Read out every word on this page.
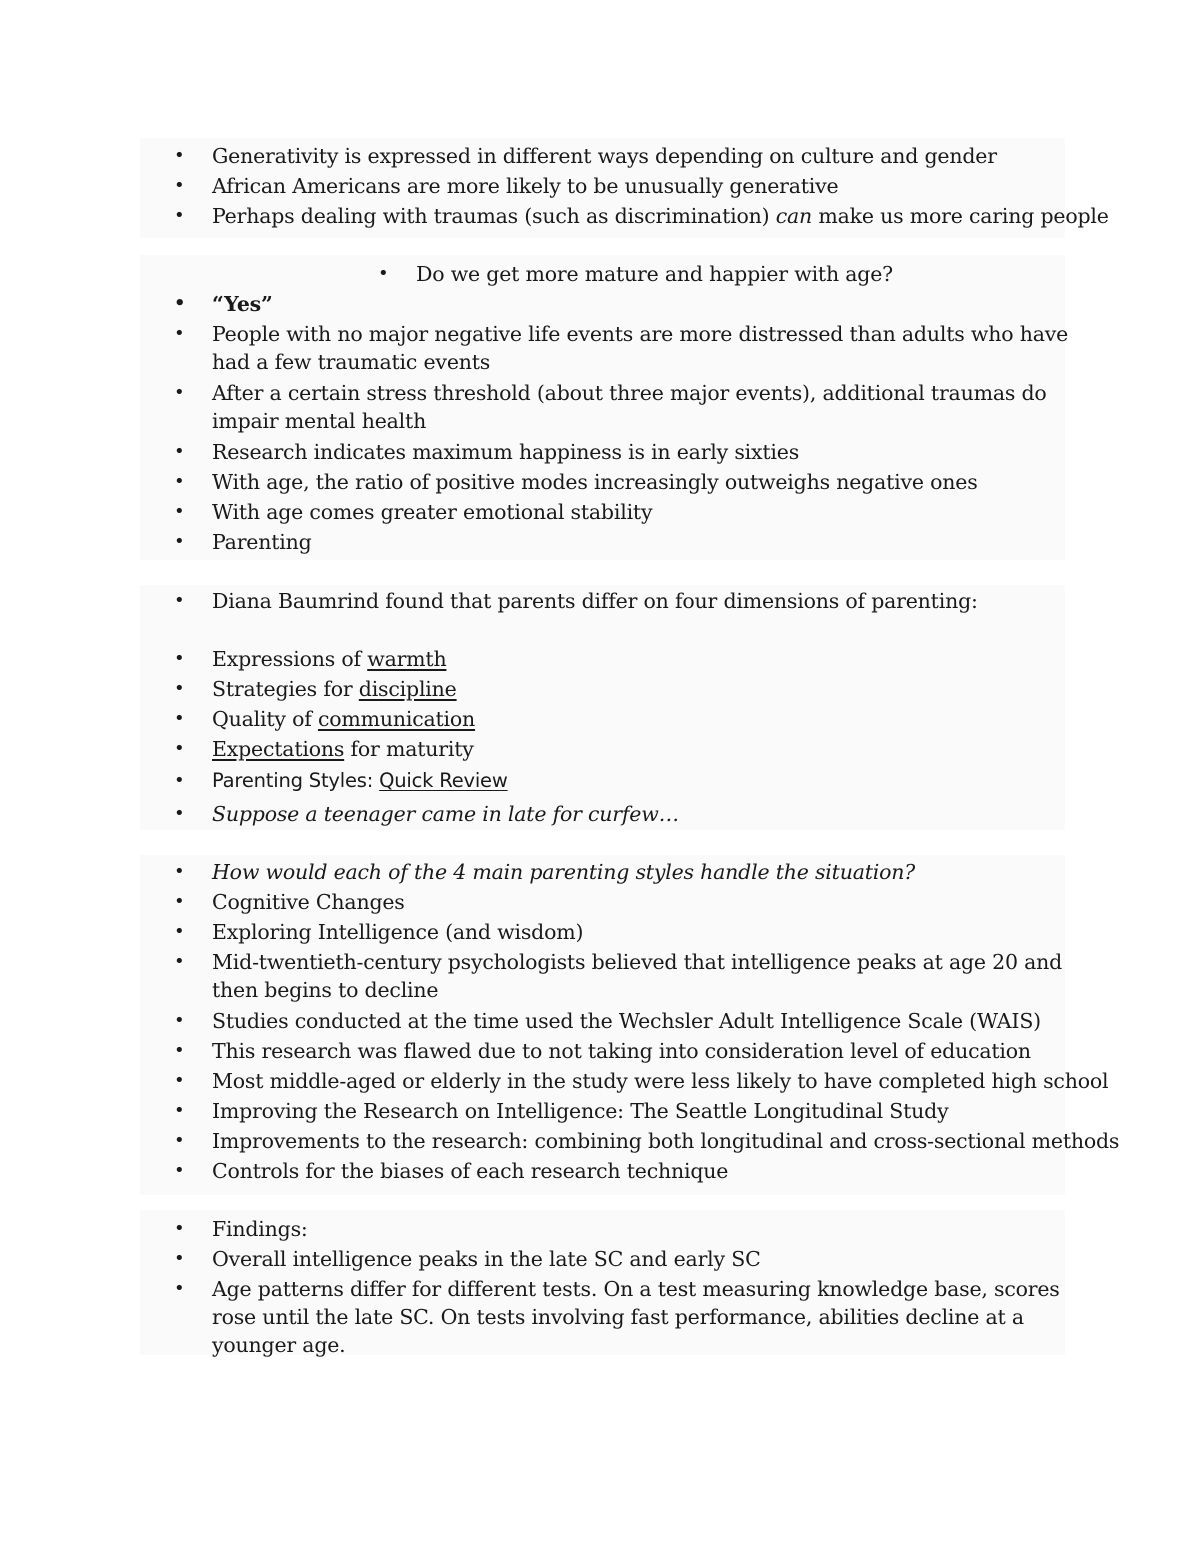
• Generativity is expressed in different ways depending on culture and gender
• African Americans are more likely to be unusually generative
• Perhaps dealing with traumas (such as discrimination) can make us more caring people
• Do we get more mature and happier with age?
• “Yes”
• People with no major negative life events are more distressed than adults who have had a few traumatic events
• After a certain stress threshold (about three major events), additional traumas do impair mental health
• Research indicates maximum happiness is in early sixties
• With age, the ratio of positive modes increasingly outweighs negative ones
• With age comes greater emotional stability
• Parenting
• Diana Baumrind found that parents differ on four dimensions of parenting:
• Expressions of warmth
• Strategies for discipline
• Quality of communication
• Expectations for maturity
• Parenting Styles: Quick Review
• Suppose a teenager came in late for curfew…
• How would each of the 4 main parenting styles handle the situation?
• Cognitive Changes
• Exploring Intelligence (and wisdom)
• Mid-twentieth-century psychologists believed that intelligence peaks at age 20 and then begins to decline
• Studies conducted at the time used the Wechsler Adult Intelligence Scale (WAIS)
• This research was flawed due to not taking into consideration level of education
• Most middle-aged or elderly in the study were less likely to have completed high school
• Improving the Research on Intelligence: The Seattle Longitudinal Study
• Improvements to the research: combining both longitudinal and cross-sectional methods
• Controls for the biases of each research technique
• Findings:
• Overall intelligence peaks in the late SC and early SC
• Age patterns differ for different tests. On a test measuring knowledge base, scores rose until the late SC. On tests involving fast performance, abilities decline at a younger age.
